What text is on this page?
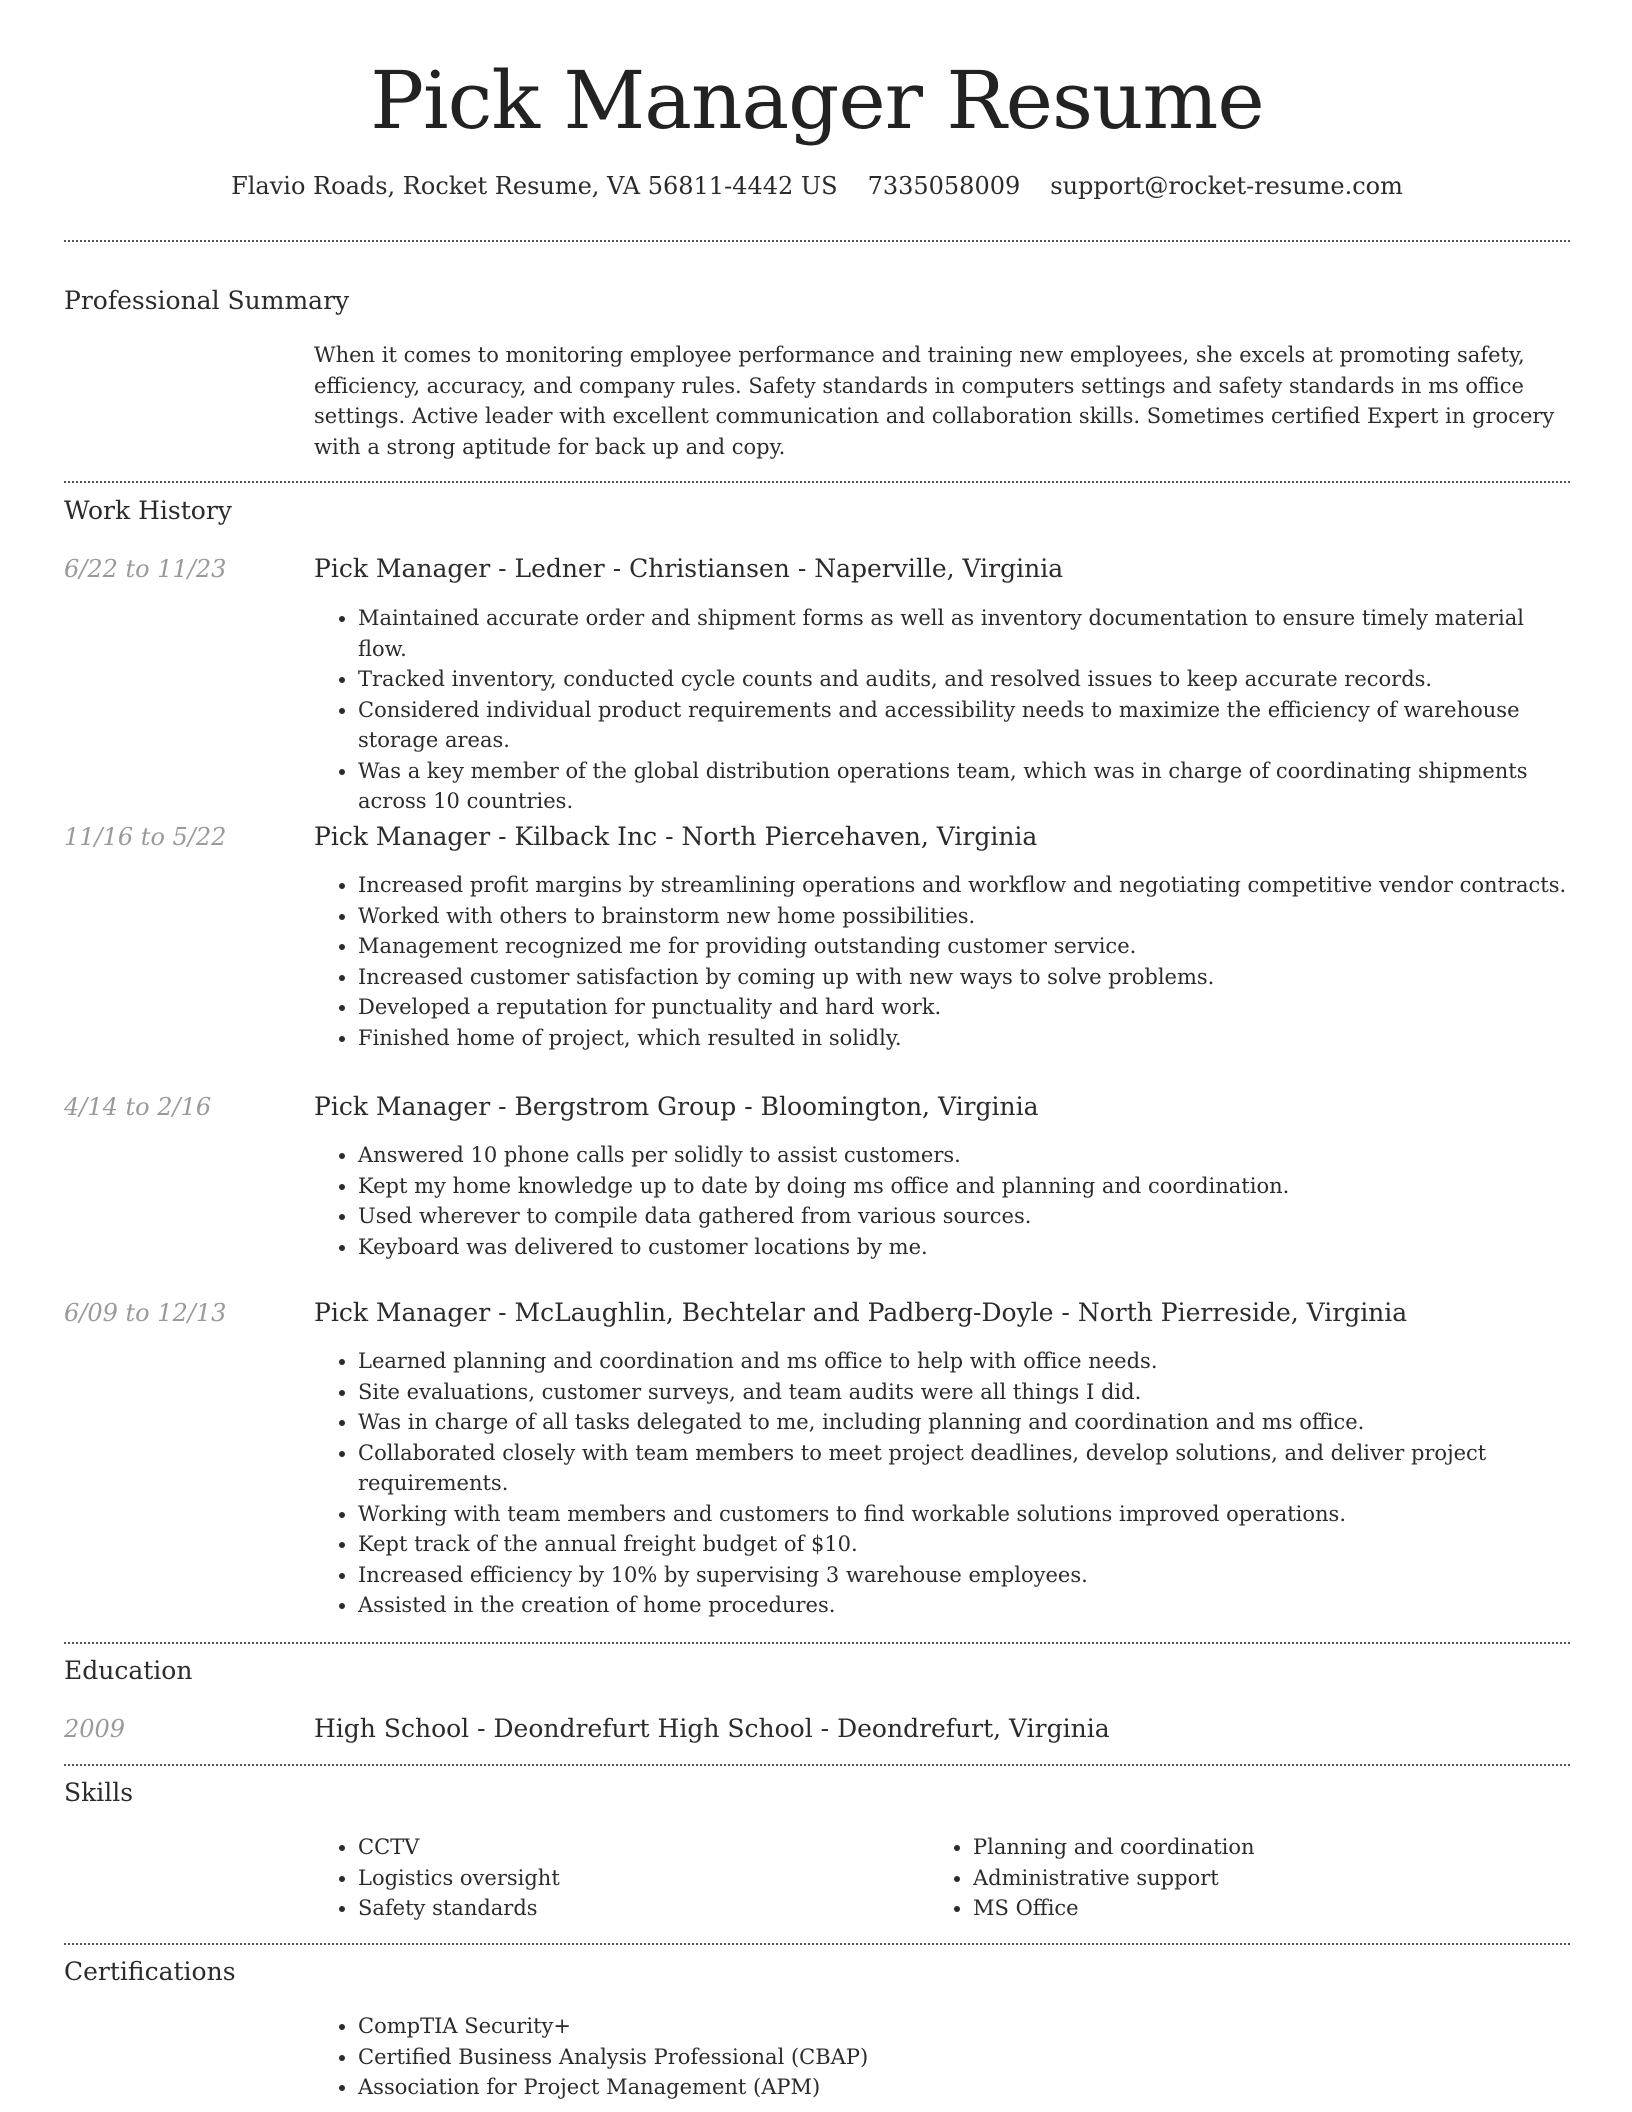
Pick Manager Resume
Flavio Roads, Rocket Resume, VA 56811-4442 US 7335058009 support@rocket-resume.com
Professional Summary

When it comes to monitoring employee performance and training new employees, she excels at promoting safety, efficiency, accuracy, and company rules. Safety standards in computers settings and safety standards in ms office settings. Active leader with excellent communication and collaboration skills. Sometimes certified Expert in grocery with a strong aptitude for back up and copy.

Work History
6/22 to 11/23	Pick Manager - Ledner - Christiansen - Naperville, Virginia
• Maintained accurate order and shipment forms as well as inventory documentation to ensure timely material flow.
• Tracked inventory, conducted cycle counts and audits, and resolved issues to keep accurate records.
• Considered individual product requirements and accessibility needs to maximize the efficiency of warehouse storage areas.
• Was a key member of the global distribution operations team, which was in charge of coordinating shipments across 10 countries.
11/16 to 5/22	Pick Manager - Kilback Inc - North Piercehaven, Virginia
• Increased profit margins by streamlining operations and workflow and negotiating competitive vendor contracts.
• Worked with others to brainstorm new home possibilities.
• Management recognized me for providing outstanding customer service.
• Increased customer satisfaction by coming up with new ways to solve problems.
• Developed a reputation for punctuality and hard work.
• Finished home of project, which resulted in solidly.
4/14 to 2/16	Pick Manager - Bergstrom Group - Bloomington, Virginia
• Answered 10 phone calls per solidly to assist customers.
• Kept my home knowledge up to date by doing ms office and planning and coordination.
• Used wherever to compile data gathered from various sources.
• Keyboard was delivered to customer locations by me.
6/09 to 12/13	Pick Manager - McLaughlin, Bechtelar and Padberg-Doyle - North Pierreside, Virginia
• Learned planning and coordination and ms office to help with office needs.
• Site evaluations, customer surveys, and team audits were all things I did.
• Was in charge of all tasks delegated to me, including planning and coordination and ms office.
• Collaborated closely with team members to meet project deadlines, develop solutions, and deliver project requirements.
• Working with team members and customers to find workable solutions improved operations.
• Kept track of the annual freight budget of $10.
• Increased efficiency by 10% by supervising 3 warehouse employees.
• Assisted in the creation of home procedures.
Education
2009	High School - Deondrefurt High School - Deondrefurt, Virginia
Skills
• CCTV
• Logistics oversight
• Safety standards
• Planning and coordination
• Administrative support
• MS Office
Certifications
• CompTIA Security+
• Certified Business Analysis Professional (CBAP)
• Association for Project Management (APM)
